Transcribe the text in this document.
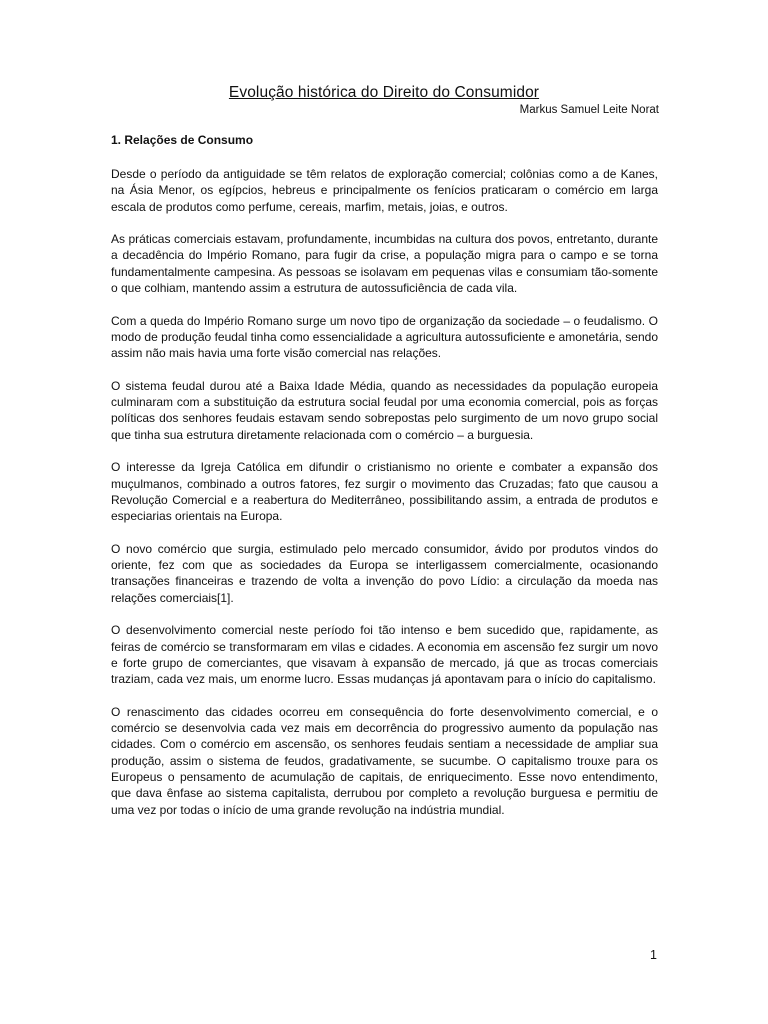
Evolução histórica do Direito do Consumidor
Markus Samuel Leite Norat
1. Relações de Consumo

Desde o período da antiguidade se têm relatos de exploração comercial; colônias como a de Kanes, na Ásia Menor, os egípcios, hebreus e principalmente os fenícios praticaram o comércio em larga escala de produtos como perfume, cereais, marfim, metais, joias, e outros.

As práticas comerciais estavam, profundamente, incumbidas na cultura dos povos, entretanto, durante a decadência do Império Romano, para fugir da crise, a população migra para o campo e se torna fundamentalmente campesina. As pessoas se isolavam em pequenas vilas e consumiam tão-somente o que colhiam, mantendo assim a estrutura de autossuficiência de cada vila.

Com a queda do Império Romano surge um novo tipo de organização da sociedade – o feudalismo. O modo de produção feudal tinha como essencialidade a agricultura autossuficiente e amonetária, sendo assim não mais havia uma forte visão comercial nas relações.

O sistema feudal durou até a Baixa Idade Média, quando as necessidades da população europeia culminaram com a substituição da estrutura social feudal por uma economia comercial, pois as forças políticas dos senhores feudais estavam sendo sobrepostas pelo surgimento de um novo grupo social que tinha sua estrutura diretamente relacionada com o comércio – a burguesia.

O interesse da Igreja Católica em difundir o cristianismo no oriente e combater a expansão dos muçulmanos, combinado a outros fatores, fez surgir o movimento das Cruzadas; fato que causou a Revolução Comercial e a reabertura do Mediterrâneo, possibilitando assim, a entrada de produtos e especiarias orientais na Europa.

O novo comércio que surgia, estimulado pelo mercado consumidor, ávido por produtos vindos do oriente, fez com que as sociedades da Europa se interligassem comercialmente, ocasionando transações financeiras e trazendo de volta a invenção do povo Lídio: a circulação da moeda nas relações comerciais[1].

O desenvolvimento comercial neste período foi tão intenso e bem sucedido que, rapidamente, as feiras de comércio se transformaram em vilas e cidades. A economia em ascensão fez surgir um novo e forte grupo de comerciantes, que visavam à expansão de mercado, já que as trocas comerciais traziam, cada vez mais, um enorme lucro. Essas mudanças já apontavam para o início do capitalismo.

O renascimento das cidades ocorreu em consequência do forte desenvolvimento comercial, e o comércio se desenvolvia cada vez mais em decorrência do progressivo aumento da população nas cidades. Com o comércio em ascensão, os senhores feudais sentiam a necessidade de ampliar sua produção, assim o sistema de feudos, gradativamente, se sucumbe. O capitalismo trouxe para os Europeus o pensamento de acumulação de capitais, de enriquecimento. Esse novo entendimento, que dava ênfase ao sistema capitalista, derrubou por completo a revolução burguesa e permitiu de uma vez por todas o início de uma grande revolução na indústria mundial.

1
